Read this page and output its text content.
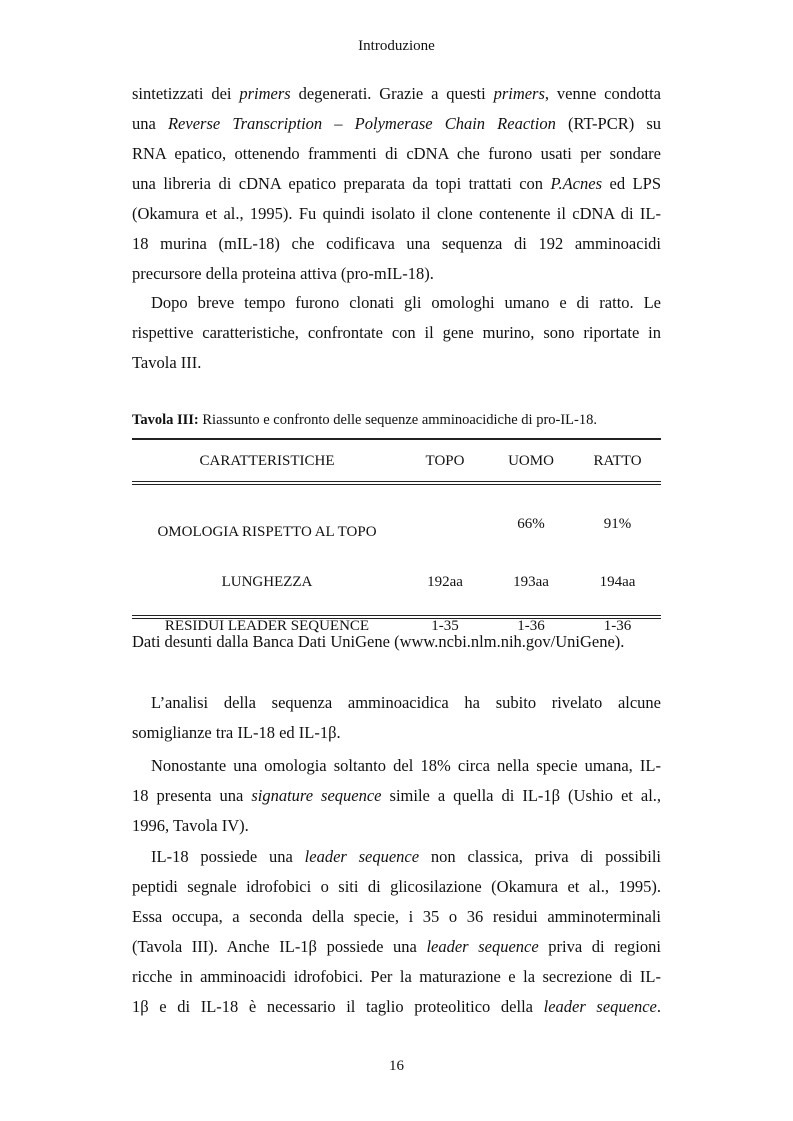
Introduzione

sintetizzati dei primers degenerati. Grazie a questi primers, venne condotta
una Reverse Transcription – Polymerase Chain Reaction (RT-PCR) su
RNA epatico, ottenendo frammenti di cDNA che furono usati per sondare
una libreria di cDNA epatico preparata da topi trattati con P.Acnes ed LPS
(Okamura et al., 1995). Fu quindi isolato il clone contenente il cDNA di IL-
18 murina (mIL-18) che codificava una sequenza di 192 amminoacidi
precursore della proteina attiva (pro-mIL-18).

Dopo breve tempo furono clonati gli omologhi umano e di ratto. Le
rispettive caratteristiche, confrontate con il gene murino, sono riportate in
Tavola III.

Tavola III: Riassunto e confronto delle sequenze amminoacidiche di pro-IL-18.
CARATTERISTICHE	TOPO	UOMO	RATTO
OMOLOGIA RISPETTO AL TOPO		66%	91%
LUNGHEZZA	192aa	193aa	194aa
RESIDUI LEADER SEQUENCE	1-35	1-36	1-36
Dati desunti dalla Banca Dati UniGene (www.ncbi.nlm.nih.gov/UniGene).

L’analisi della sequenza amminoacidica ha subito rivelato alcune
somiglianze tra IL-18 ed IL-1β.

Nonostante una omologia soltanto del 18% circa nella specie umana, IL-
18 presenta una signature sequence simile a quella di IL-1β (Ushio et al.,
1996, Tavola IV).

IL-18 possiede una leader sequence non classica, priva di possibili
peptidi segnale idrofobici o siti di glicosilazione (Okamura et al., 1995).
Essa occupa, a seconda della specie, i 35 o 36 residui amminoterminali
(Tavola III). Anche IL-1β possiede una leader sequence priva di regioni
ricche in amminoacidi idrofobici. Per la maturazione e la secrezione di IL-
1β e di IL-18 è necessario il taglio proteolitico della leader sequence.

16
